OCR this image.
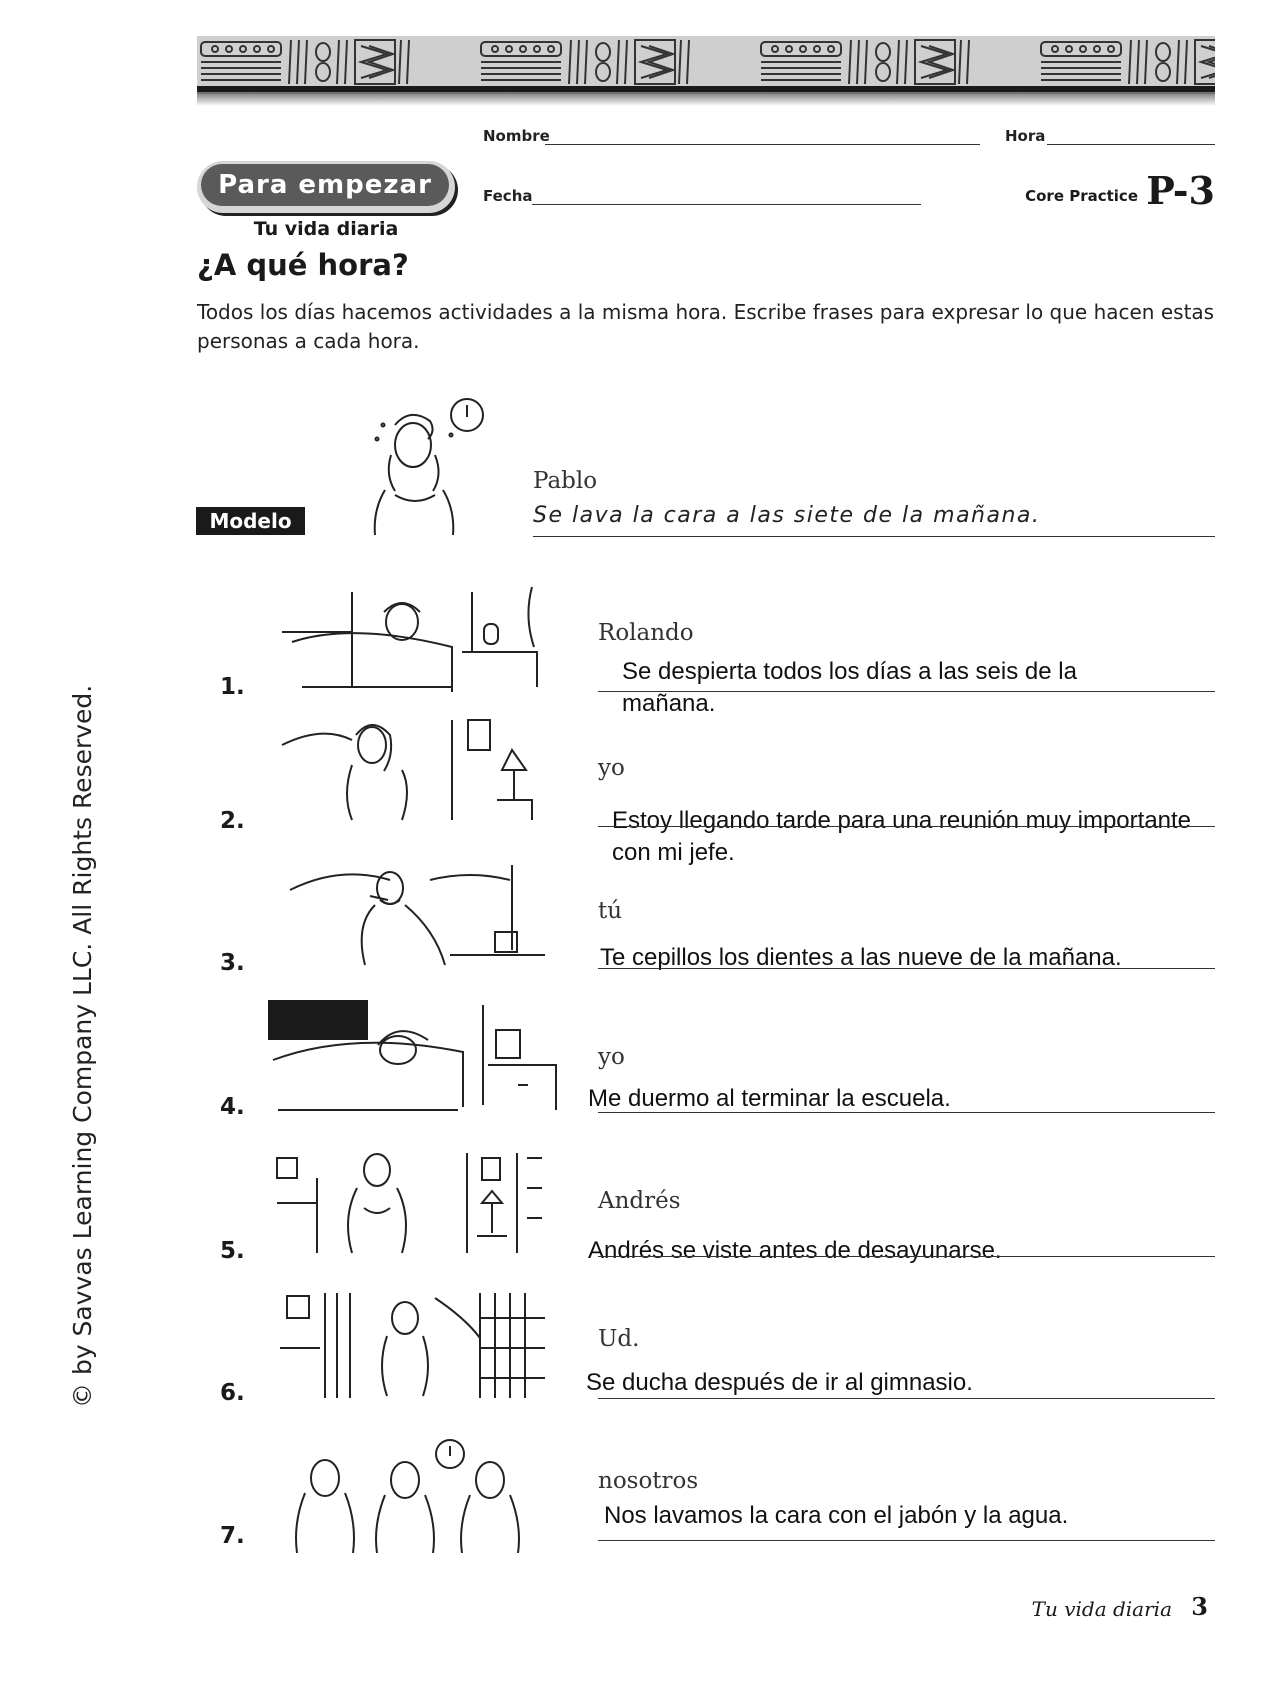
Nombre	Hora
Fecha
Para empezar
Tu vida diaria
Core Practice P-3
¿A qué hora?
Todos los días hacemos actividades a la misma hora. Escribe frases para expresar lo que hacen estas personas a cada hora.
Modelo
Pablo
Se lava la cara a las siete de la mañana.
1.
Rolando
Se despierta todos los días a las seis de la
mañana.
2.
yo
Estoy llegando tarde para una reunión muy importante
con mi jefe.
3.
tú
Te cepillos los dientes a las nueve de la mañana.
4.
yo
Me duermo al terminar la escuela.
5.
Andrés
Andrés se viste antes de desayunarse.
6.
Ud.
Se ducha después de ir al gimnasio.
7.
nosotros
Nos lavamos la cara con el jabón y la agua.
© by Savvas Learning Company LLC. All Rights Reserved.
Tu vida diaria 3
